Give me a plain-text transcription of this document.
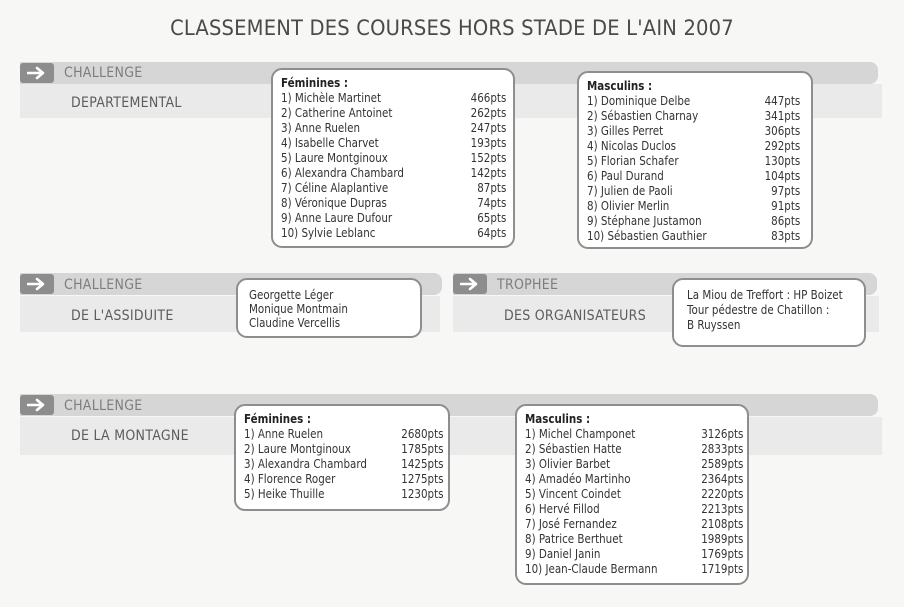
CLASSEMENT DES COURSES HORS STADE DE L'AIN 2007
CHALLENGE
DEPARTEMENTAL
Féminines :
1) Michèle Martinet	466pts
2) Catherine Antoinet	262pts
3) Anne Ruelen	247pts
4) Isabelle Charvet	193pts
5) Laure Montginoux	152pts
6) Alexandra Chambard	142pts
7) Céline Alaplantive	87pts
8) Véronique Dupras	74pts
9) Anne Laure Dufour	65pts
10) Sylvie Leblanc	64pts
Masculins :
1) Dominique Delbe	447pts
2) Sébastien Charnay	341pts
3) Gilles Perret	306pts
4) Nicolas Duclos	292pts
5) Florian Schafer	130pts
6) Paul Durand	104pts
7) Julien de Paoli	97pts
8) Olivier Merlin	91pts
9) Stéphane Justamon	86pts
10) Sébastien Gauthier	83pts
CHALLENGE
DE L'ASSIDUITE
Georgette Léger
Monique Montmain
Claudine Vercellis
TROPHEE
DES ORGANISATEURS
La Miou de Treffort : HP Boizet
Tour pédestre de Chatillon :
B Ruyssen
CHALLENGE
DE LA MONTAGNE
Féminines :
1) Anne Ruelen	2680pts
2) Laure Montginoux	1785pts
3) Alexandra Chambard	1425pts
4) Florence Roger	1275pts
5) Heike Thuille	1230pts
Masculins :
1) Michel Champonet	3126pts
2) Sébastien Hatte	2833pts
3) Olivier Barbet	2589pts
4) Amadéo Martinho	2364pts
5) Vincent Coindet	2220pts
6) Hervé Fillod	2213pts
7) José Fernandez	2108pts
8) Patrice Berthuet	1989pts
9) Daniel Janin	1769pts
10) Jean-Claude Bermann	1719pts
